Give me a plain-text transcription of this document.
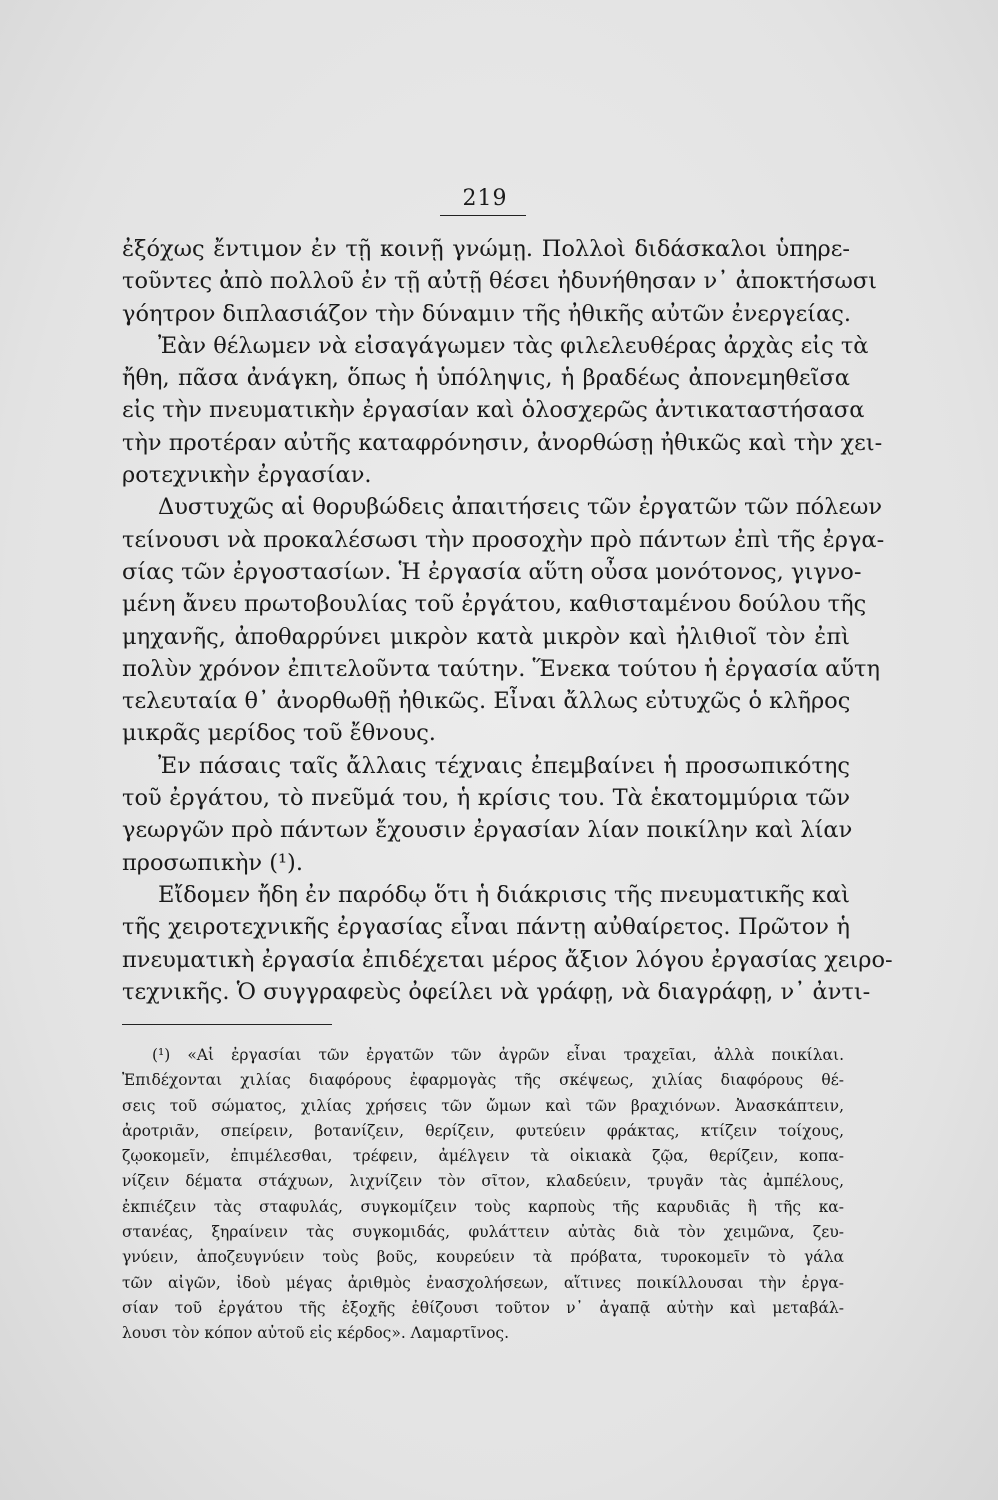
219
ἐξόχως ἔντιμον ἐν τῇ κοινῇ γνώμῃ. Πολλοὶ διδάσκαλοι ὑπηρε-
τοῦντες ἀπὸ πολλοῦ ἐν τῇ αὐτῇ θέσει ἠδυνήθησαν ν᾽ ἀποκτήσωσι
γόητρον διπλασιάζον τὴν δύναμιν τῆς ἠθικῆς αὐτῶν ἐνεργείας.
Ἐὰν θέλωμεν νὰ εἰσαγάγωμεν τὰς φιλελευθέρας ἀρχὰς εἰς τὰ
ἤθη, πᾶσα ἀνάγκη, ὅπως ἡ ὑπόληψις, ἡ βραδέως ἀπονεμηθεῖσα
εἰς τὴν πνευματικὴν ἐργασίαν καὶ ὁλοσχερῶς ἀντικαταστήσασα
τὴν προτέραν αὐτῆς καταφρόνησιν, ἀνορθώσῃ ἠθικῶς καὶ τὴν χει-
ροτεχνικὴν ἐργασίαν.
Δυστυχῶς αἱ θορυβώδεις ἀπαιτήσεις τῶν ἐργατῶν τῶν πόλεων
τείνουσι νὰ προκαλέσωσι τὴν προσοχὴν πρὸ πάντων ἐπὶ τῆς ἐργα-
σίας τῶν ἐργοστασίων. Ἡ ἐργασία αὕτη οὖσα μονότονος, γιγνο-
μένη ἄνευ πρωτοβουλίας τοῦ ἐργάτου, καθισταμένου δούλου τῆς
μηχανῆς, ἀποθαρρύνει μικρὸν κατὰ μικρὸν καὶ ἠλιθιοῖ τὸν ἐπὶ
πολὺν χρόνον ἐπιτελοῦντα ταύτην. Ἕνεκα τούτου ἡ ἐργασία αὕτη
τελευταία θ᾽ ἀνορθωθῇ ἠθικῶς. Εἶναι ἄλλως εὐτυχῶς ὁ κλῆρος
μικρᾶς μερίδος τοῦ ἔθνους.
Ἐν πάσαις ταῖς ἄλλαις τέχναις ἐπεμβαίνει ἡ προσωπικότης
τοῦ ἐργάτου, τὸ πνεῦμά του, ἡ κρίσις του. Τὰ ἑκατομμύρια τῶν
γεωργῶν πρὸ πάντων ἔχουσιν ἐργασίαν λίαν ποικίλην καὶ λίαν
προσωπικὴν (¹).
Εἴδομεν ἤδη ἐν παρόδῳ ὅτι ἡ διάκρισις τῆς πνευματικῆς καὶ
τῆς χειροτεχνικῆς ἐργασίας εἶναι πάντῃ αὐθαίρετος. Πρῶτον ἡ
πνευματικὴ ἐργασία ἐπιδέχεται μέρος ἄξιον λόγου ἐργασίας χειρο-
τεχνικῆς. Ὁ συγγραφεὺς ὀφείλει νὰ γράφῃ, νὰ διαγράφῃ, ν᾽ ἀντι-
(¹) «Αἱ ἐργασίαι τῶν ἐργατῶν τῶν ἀγρῶν εἶναι τραχεῖαι, ἀλλὰ ποικίλαι.
Ἐπιδέχονται χιλίας διαφόρους ἐφαρμογὰς τῆς σκέψεως, χιλίας διαφόρους θέ-
σεις τοῦ σώματος, χιλίας χρήσεις τῶν ὤμων καὶ τῶν βραχιόνων. Ἀνασκάπτειν,
ἀροτριᾶν, σπείρειν, βοτανίζειν, θερίζειν, φυτεύειν φράκτας, κτίζειν τοίχους,
ζῳοκομεῖν, ἐπιμέλεσθαι, τρέφειν, ἀμέλγειν τὰ οἰκιακὰ ζῷα, θερίζειν, κοπα-
νίζειν δέματα στάχυων, λιχνίζειν τὸν σῖτον, κλαδεύειν, τρυγᾶν τὰς ἀμπέλους,
ἐκπιέζειν τὰς σταφυλάς, συγκομίζειν τοὺς καρποὺς τῆς καρυδιᾶς ἢ τῆς κα-
στανέας, ξηραίνειν τὰς συγκομιδάς, φυλάττειν αὐτὰς διὰ τὸν χειμῶνα, ζευ-
γνύειν, ἀποζευγνύειν τοὺς βοῦς, κουρεύειν τὰ πρόβατα, τυροκομεῖν τὸ γάλα
τῶν αἰγῶν, ἰδοὺ μέγας ἀριθμὸς ἐνασχολήσεων, αἵτινες ποικίλλουσαι τὴν ἐργα-
σίαν τοῦ ἐργάτου τῆς ἐξοχῆς ἐθίζουσι τοῦτον ν᾽ ἀγαπᾷ αὐτὴν καὶ μεταβάλ-
λουσι τὸν κόπον αὐτοῦ εἰς κέρδος». Λαμαρτῖνος.
